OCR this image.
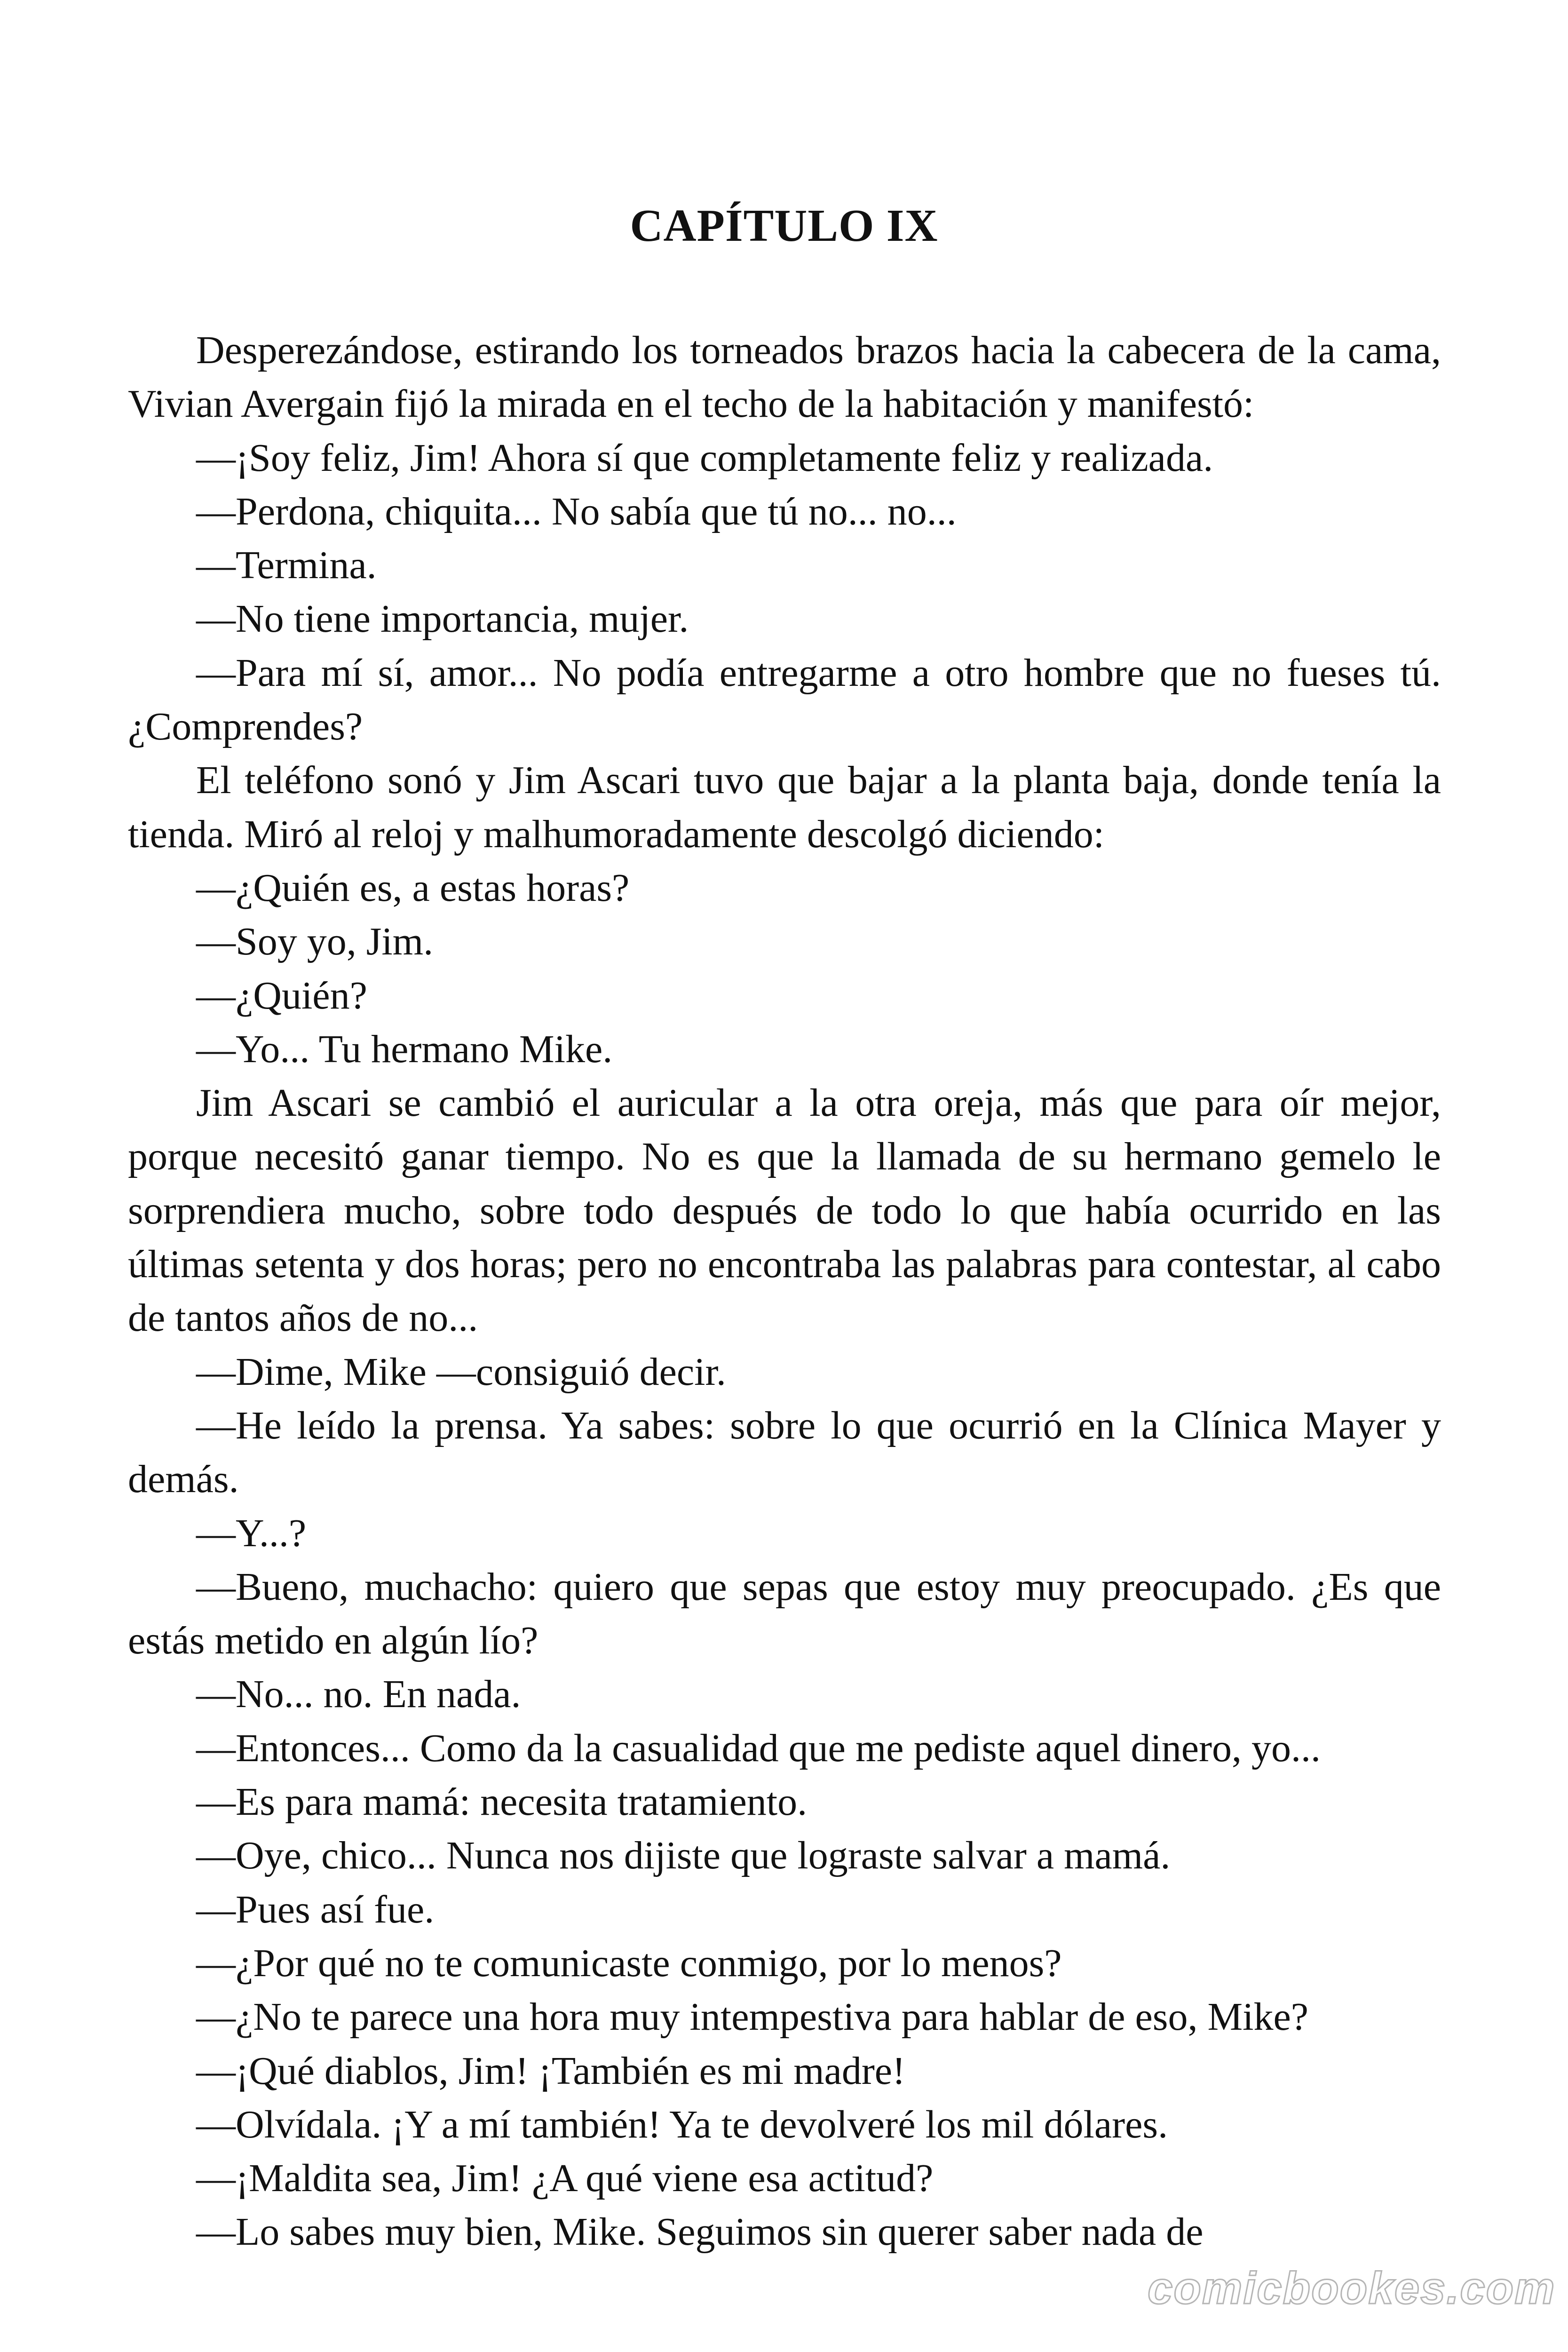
CAPÍTULO IX

Desperezándose, estirando los torneados brazos hacia la cabecera de la cama, Vivian Avergain fijó la mirada en el techo de la habitación y manifestó:

—¡Soy feliz, Jim! Ahora sí que completamente feliz y realizada.

—Perdona, chiquita... No sabía que tú no... no...

—Termina.

—No tiene importancia, mujer.

—Para mí sí, amor... No podía entregarme a otro hombre que no fueses tú. ¿Comprendes?

El teléfono sonó y Jim Ascari tuvo que bajar a la planta baja, donde tenía la tienda. Miró al reloj y malhumoradamente descolgó diciendo:

—¿Quién es, a estas horas?

—Soy yo, Jim.

—¿Quién?

—Yo... Tu hermano Mike.

Jim Ascari se cambió el auricular a la otra oreja, más que para oír mejor, porque necesitó ganar tiempo. No es que la llamada de su hermano gemelo le sorprendiera mucho, sobre todo después de todo lo que había ocurrido en las últimas setenta y dos horas; pero no encontraba las palabras para contestar, al cabo de tantos años de no...

—Dime, Mike —consiguió decir.

—He leído la prensa. Ya sabes: sobre lo que ocurrió en la Clínica Mayer y demás.

—Y...?

—Bueno, muchacho: quiero que sepas que estoy muy preocupado. ¿Es que estás metido en algún lío?

—No... no. En nada.

—Entonces... Como da la casualidad que me pediste aquel dinero, yo...

—Es para mamá: necesita tratamiento.

—Oye, chico... Nunca nos dijiste que lograste salvar a mamá.

—Pues así fue.

—¿Por qué no te comunicaste conmigo, por lo menos?

—¿No te parece una hora muy intempestiva para hablar de eso, Mike?

—¡Qué diablos, Jim! ¡También es mi madre!

—Olvídala. ¡Y a mí también! Ya te devolveré los mil dólares.

—¡Maldita sea, Jim! ¿A qué viene esa actitud?

—Lo sabes muy bien, Mike. Seguimos sin querer saber nada de

comicbookes.com
